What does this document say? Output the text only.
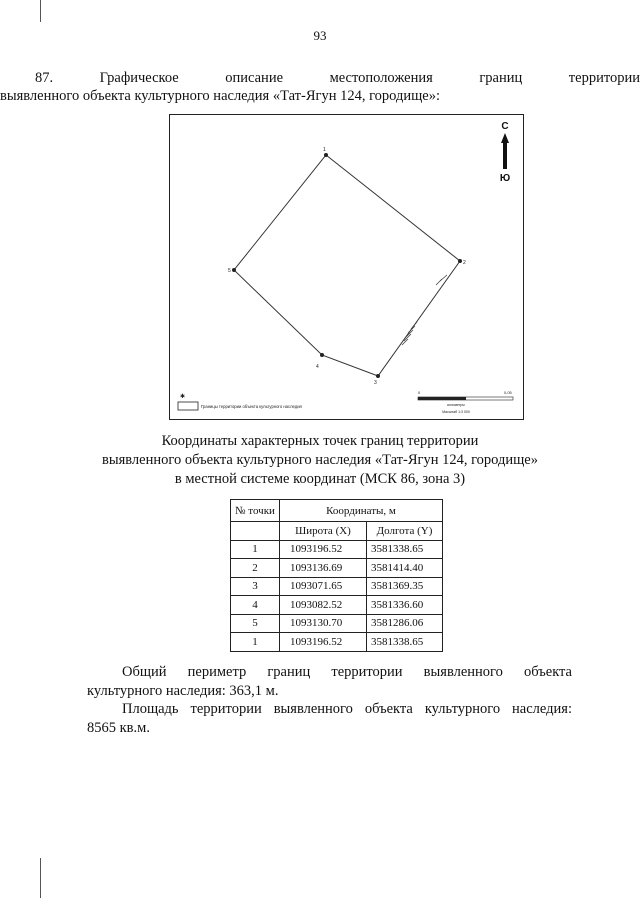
93
87. Графическое описание местоположения границ территории
выявленного объекта культурного наследия «Тат-Ягун 124, городище»:
1
2
3
4
5
С
Ю
✱
Границы территории объекта культурного наследия
0	0,05
километры
Масштаб 1:3 000
Координаты характерных точек границ территории
выявленного объекта культурного наследия «Тат-Ягун 124, городище»
в местной системе координат (МСК 86, зона 3)
№ точки	Координаты, м	
	Широта (X)	Долгота (Y)
1	1093196.52	3581338.65
2	1093136.69	3581414.40
3	1093071.65	3581369.35
4	1093082.52	3581336.60
5	1093130.70	3581286.06
1	1093196.52	3581338.65
Общий периметр границ территории выявленного объекта
культурного наследия: 363,1 м.
Площадь территории выявленного объекта культурного наследия:
8565 кв.м.
